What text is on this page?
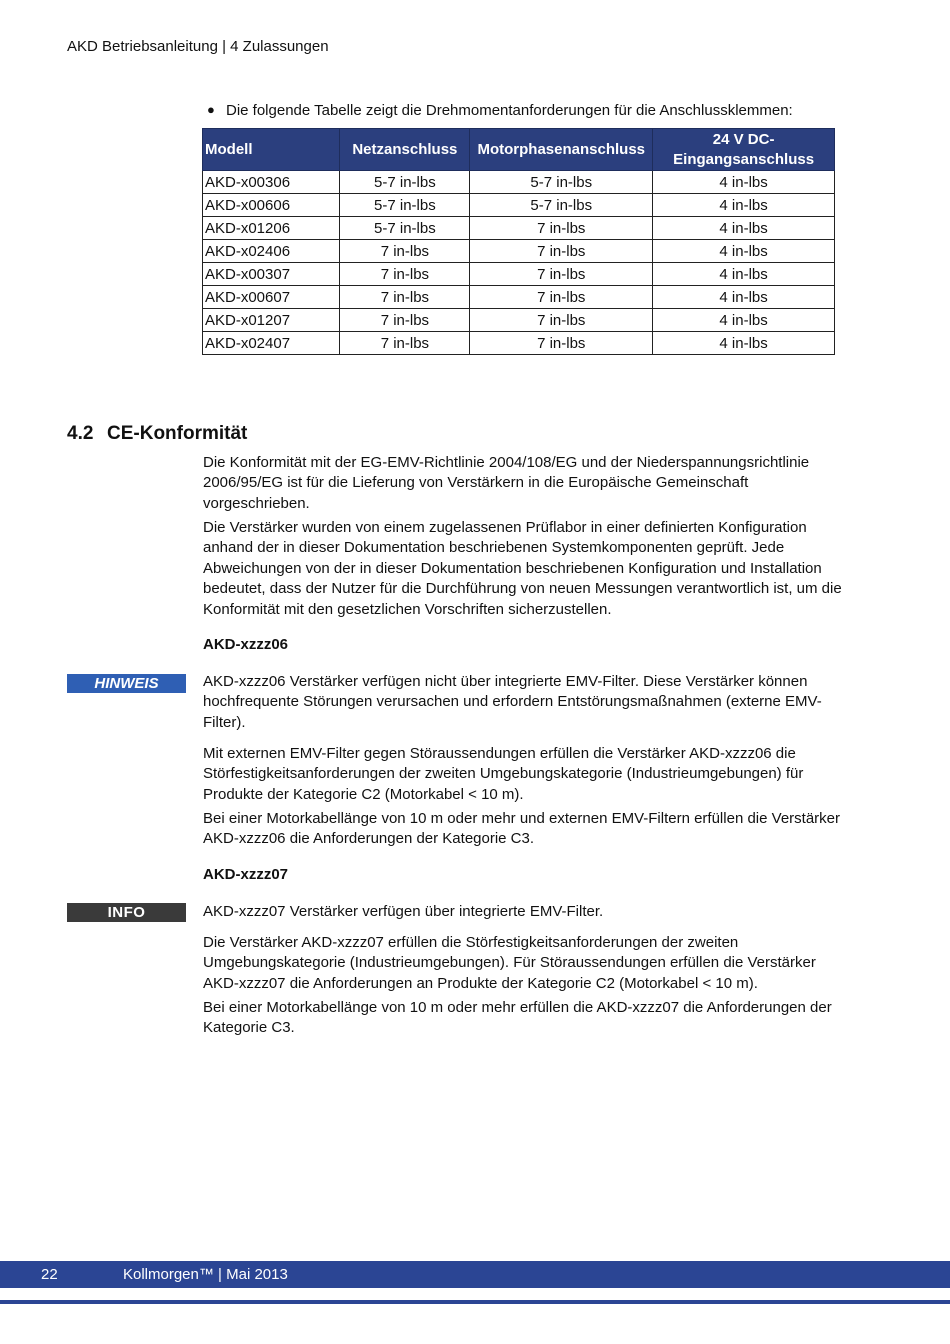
AKD Betriebsanleitung | 4 Zulassungen
● Die folgende Tabelle zeigt die Drehmomentanforderungen für die Anschlussklemmen:
Modell	Netzanschluss	Motorphasenanschluss	24 V DC-
Eingangsanschluss
AKD-x00306	5-7 in-lbs	5-7 in-lbs	4 in-lbs
AKD-x00606	5-7 in-lbs	5-7 in-lbs	4 in-lbs
AKD-x01206	5-7 in-lbs	7 in-lbs	4 in-lbs
AKD-x02406	7 in-lbs	7 in-lbs	4 in-lbs
AKD-x00307	7 in-lbs	7 in-lbs	4 in-lbs
AKD-x00607	7 in-lbs	7 in-lbs	4 in-lbs
AKD-x01207	7 in-lbs	7 in-lbs	4 in-lbs
AKD-x02407	7 in-lbs	7 in-lbs	4 in-lbs
4.2 CE-Konformität
Die Konformität mit der EG-EMV-Richtlinie 2004/108/EG und der Niederspannungsrichtlinie 2006/95/EG ist für die Lieferung von Verstärkern in die Europäische Gemeinschaft vorgeschrieben.
Die Verstärker wurden von einem zugelassenen Prüflabor in einer definierten Konfiguration anhand der in dieser Dokumentation beschriebenen Systemkomponenten geprüft. Jede Abweichungen von der in dieser Dokumentation beschriebenen Konfiguration und Installation bedeutet, dass der Nutzer für die Durchführung von neuen Messungen verantwortlich ist, um die Konformität mit den gesetzlichen Vorschriften sicherzustellen.
AKD-xzzz06
HINWEIS	AKD-xzzz06 Verstärker verfügen nicht über integrierte EMV-Filter. Diese Verstärker können hochfrequente Störungen verursachen und erfordern Entstörungsmaßnahmen (externe EMV-Filter).
Mit externen EMV-Filter gegen Störaussendungen erfüllen die Verstärker AKD-xzzz06 die Störfestigkeitsanforderungen der zweiten Umgebungskategorie (Industrieumgebungen) für Produkte der Kategorie C2 (Motorkabel < 10 m).
Bei einer Motorkabellänge von 10 m oder mehr und externen EMV-Filtern erfüllen die Verstärker AKD-xzzz06 die Anforderungen der Kategorie C3.
AKD-xzzz07
INFO	AKD-xzzz07 Verstärker verfügen über integrierte EMV-Filter.
Die Verstärker AKD-xzzz07 erfüllen die Störfestigkeitsanforderungen der zweiten Umgebungskategorie (Industrieumgebungen). Für Störaussendungen erfüllen die Verstärker AKD-xzzz07 die Anforderungen an Produkte der Kategorie C2 (Motorkabel < 10 m).
Bei einer Motorkabellänge von 10 m oder mehr erfüllen die AKD-xzzz07 die Anforderungen der Kategorie C3.
22	Kollmorgen™ | Mai 2013
